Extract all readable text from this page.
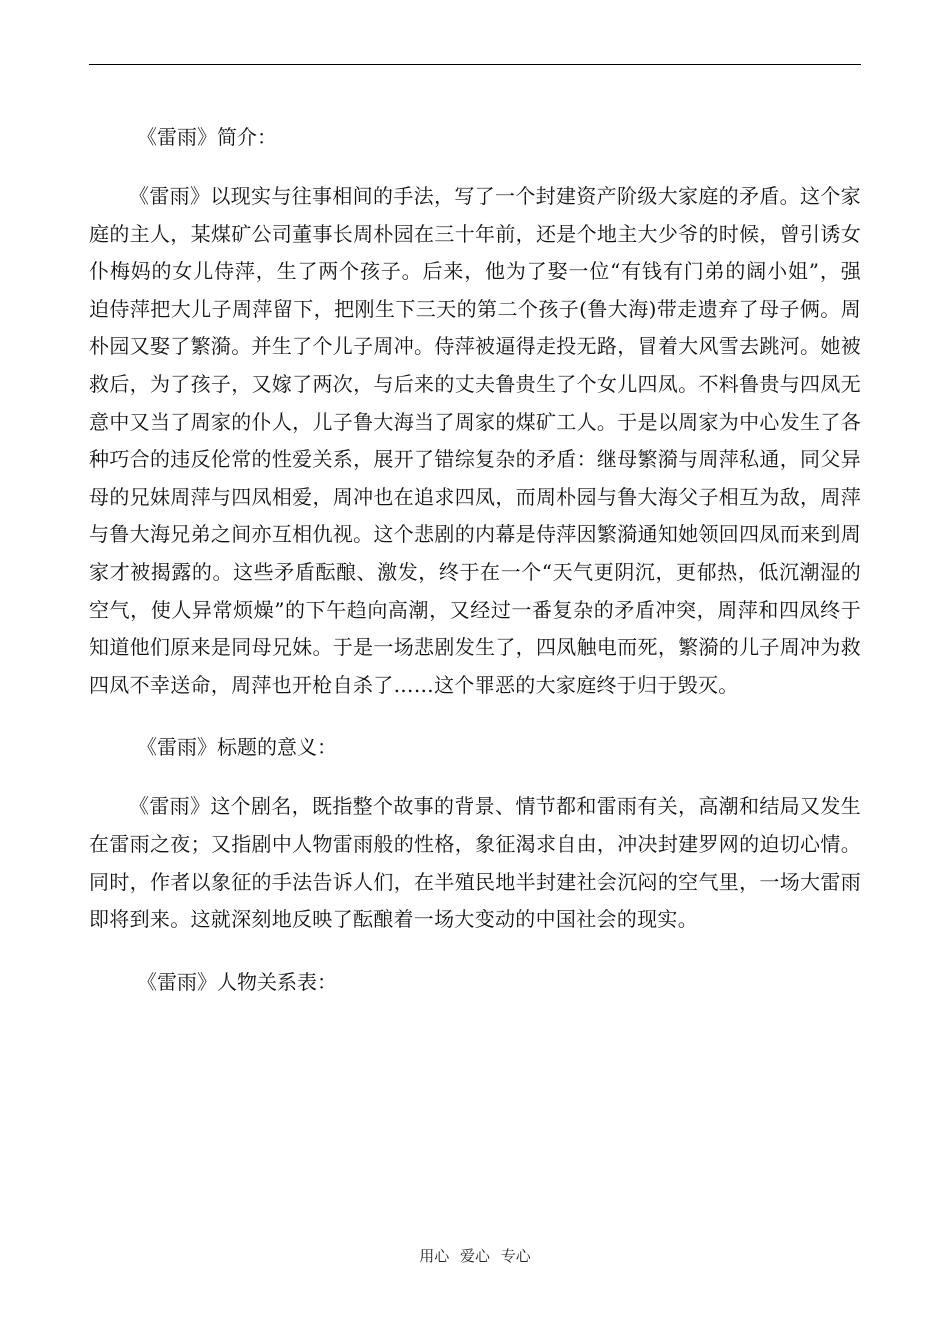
《雷雨》简介：

《雷雨》以现实与往事相间的手法，写了一个封建资产阶级大家庭的矛盾。这个家庭的主人，某煤矿公司董事长周朴园在三十年前，还是个地主大少爷的时候，曾引诱女仆梅妈的女儿侍萍，生了两个孩子。后来，他为了娶一位“有钱有门弟的阔小姐”，强迫侍萍把大儿子周萍留下，把刚生下三天的第二个孩子(鲁大海)带走遗弃了母子俩。周朴园又娶了繁漪。并生了个儿子周冲。侍萍被逼得走投无路，冒着大风雪去跳河。她被救后，为了孩子，又嫁了两次，与后来的丈夫鲁贵生了个女儿四凤。不料鲁贵与四凤无意中又当了周家的仆人，儿子鲁大海当了周家的煤矿工人。于是以周家为中心发生了各种巧合的违反伦常的性爱关系，展开了错综复杂的矛盾：继母繁漪与周萍私通，同父异母的兄妹周萍与四凤相爱，周冲也在追求四凤，而周朴园与鲁大海父子相互为敌，周萍与鲁大海兄弟之间亦互相仇视。这个悲剧的内幕是侍萍因繁漪通知她领回四凤而来到周家才被揭露的。这些矛盾酝酿、激发，终于在一个“天气更阴沉，更郁热，低沉潮湿的空气，使人异常烦燥”的下午趋向高潮，又经过一番复杂的矛盾冲突，周萍和四凤终于知道他们原来是同母兄妹。于是一场悲剧发生了，四凤触电而死，繁漪的儿子周冲为救四凤不幸送命，周萍也开枪自杀了……这个罪恶的大家庭终于归于毁灭。

《雷雨》标题的意义：

《雷雨》这个剧名，既指整个故事的背景、情节都和雷雨有关，高潮和结局又发生在雷雨之夜；又指剧中人物雷雨般的性格，象征渴求自由，冲决封建罗网的迫切心情。同时，作者以象征的手法告诉人们，在半殖民地半封建社会沉闷的空气里，一场大雷雨即将到来。这就深刻地反映了酝酿着一场大变动的中国社会的现实。

《雷雨》人物关系表：
用心 爱心 专心
